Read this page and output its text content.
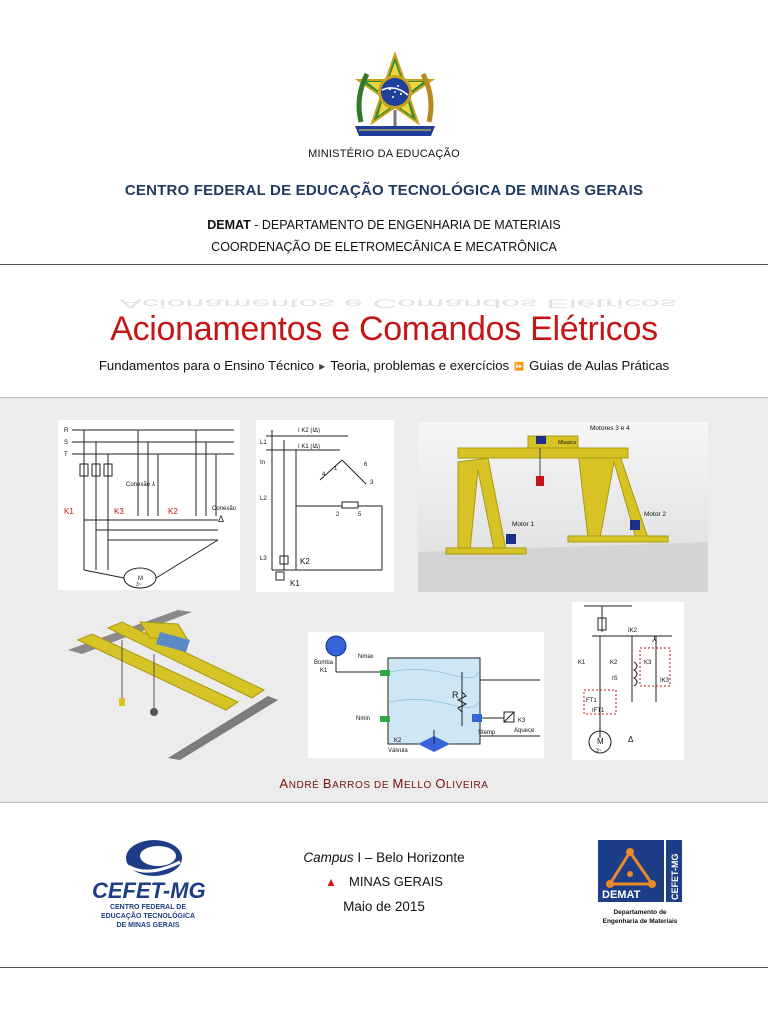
MINISTÉRIO DA EDUCAÇÃO
CENTRO FEDERAL DE EDUCAÇÃO TECNOLÓGICA DE MINAS GERAIS
DEMAT - DEPARTAMENTO DE ENGENHARIA DE MATERIAIS
COORDENAÇÃO DE ELETROMECÂNICA E MECATRÔNICA
Acionamentos e Comandos Elétricos
Acionamentos e Comandos Elétricos
Fundamentos para o Ensino Técnico ▶ Teoria, problemas e exercícios ⏩ Guias de Aulas Práticas
R
S
T
Conexão ⅄
Conexão
M
3~
K1	K3	K2
Δ
I K2 (IΔ)
I K1 (IΔ)
In
L1
L2
L3
4
1
6
3
2	5
K2
K1
Motores 3 e 4
Motor 1
Motor 2
Mbasics
Bomba
K1
Nmax
Nmin
R
Stemp
K3
Aquece
K2
Válvula
K1	K2	K3
IK2
IS	IK3
FT1
IFT1
M
3~
Δ
⅄
ANDRÉ BARROS DE MELLO OLIVEIRA
CEFET-MG
CENTRO FEDERAL DE
EDUCAÇÃO TECNOLÓGICA
DE MINAS GERAIS
Campus I – Belo Horizonte
▲ MINAS GERAIS
Maio de 2015
DEMAT	CEFET-MG
Departamento de
Engenharia de Materiais
